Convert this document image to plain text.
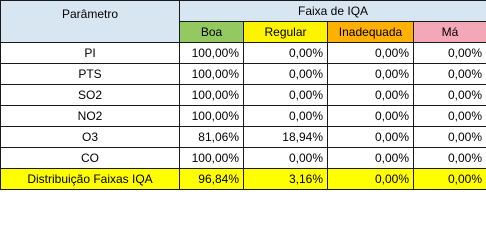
Parâmetro	Faixa de IQA			
	Boa	Regular	Inadequada	Má
PI	100,00%	0,00%	0,00%	0,00%
PTS	100,00%	0,00%	0,00%	0,00%
SO2	100,00%	0,00%	0,00%	0,00%
NO2	100,00%	0,00%	0,00%	0,00%
O3	81,06%	18,94%	0,00%	0,00%
CO	100,00%	0,00%	0,00%	0,00%
Distribuição Faixas IQA	96,84%	3,16%	0,00%	0,00%
